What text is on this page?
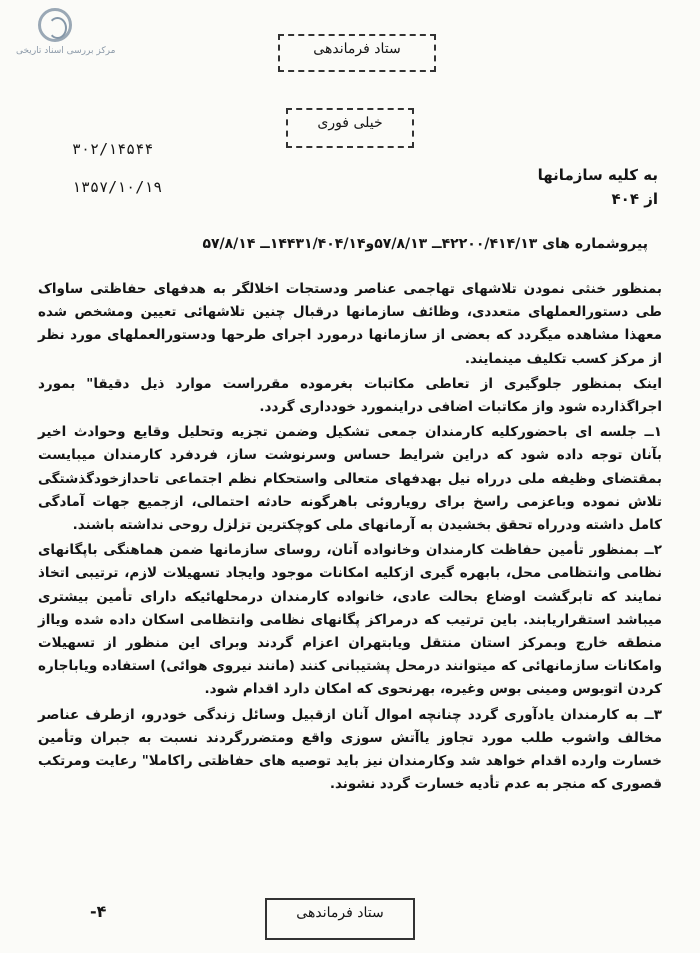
مرکز بررسی اسناد تاریخی	ستاد فرماندهی
خیلی فوری
۳۰۲/۱۴۵۴۴
۱۳۵۷/۱۰/۱۹
به کلیه سازمانها
از ۴۰۴
پیروشماره های ۴۲۲۰۰/۴۱۴/۱۳ــ ۵۷/۸/۱۳و۱۴۴۳۱/۴۰۴/۱۴ــ ۵۷/۸/۱۴

بمنظور خنثی نمودن تلاشهای تهاجمی عناصر ودستجات اخلالگر به هدفهای حفاظتی ساواک طی دستورالعملهای متعددی، وظائف سازمانها درقبال چنین تلاشهائی تعیین ومشخص شده معهذا مشاهده میگردد که بعضی از سازمانها درمورد اجرای طرحها ودستورالعملهای مورد نظر از مرکز کسب تکلیف مینمایند.

اینک بمنظور جلوگیری از تعاطی مکاتبات بغرموده مقرراست موارد ذیل دقیقا" بمورد اجراگذارده شود واز مکاتبات اضافی دراینمورد خودداری گردد.

۱ــ جلسه ای باحضورکلیه کارمندان جمعی تشکیل وضمن تجزیه وتحلیل وقایع وحوادث اخیر بآنان توجه داده شود که دراین شرایط حساس وسرنوشت ساز، فردفرد کارمندان میبایست بمقتضای وظیفه ملی درراه نیل بهدفهای متعالی واستحکام نظم اجتماعی تاحدازخودگذشتگی تلاش نموده وباعزمی راسخ برای رویاروئی باهرگونه حادثه احتمالی، ازجمیع جهات آمادگی کامل داشته ودرراه تحقق بخشیدن به آرمانهای ملی کوچکترین تزلزل روحی نداشته باشند.

۲ــ بمنظور تأمین حفاظت کارمندان وخانواده آنان، روسای سازمانها ضمن هماهنگی باپگانهای نظامی وانتظامی محل، بابهره گیری ازکلیه امکانات موجود وایجاد تسهیلات لازم، ترتیبی اتخاذ نمایند که تابرگشت اوضاع بحالت عادی، خانواده کارمندان درمحلهائیکه دارای تأمین بیشتری میباشد استقراریابند. باین ترتیب که درمراکز پگانهای نظامی وانتظامی اسکان داده شده ویااز منطقه خارج وبمرکز استان منتقل ویابتهران اعزام گردند وبرای این منظور از تسهیلات وامکانات سازمانهائی که میتوانند درمحل پشتیبانی کنند (مانند نیروی هوائی) استفاده ویاباجاره کردن اتوبوس ومینی بوس وغیره، بهرنحوی که امکان دارد اقدام شود.

۳ــ به کارمندان یادآوری گردد چنانچه اموال آنان ازقبیل وسائل زندگی خودرو، ازطرف عناصر مخالف واشوب طلب مورد تجاوز یاآتش سوزی واقع ومتضررگردند نسبت به جبران وتأمین خسارت وارده اقدام خواهد شد وکارمندان نیز باید توصیه های حفاظتی راکاملا" رعایت ومرتکب قصوری که منجر به عدم تأدیه خسارت گردد نشوند.

-۴	ستاد فرماندهی
